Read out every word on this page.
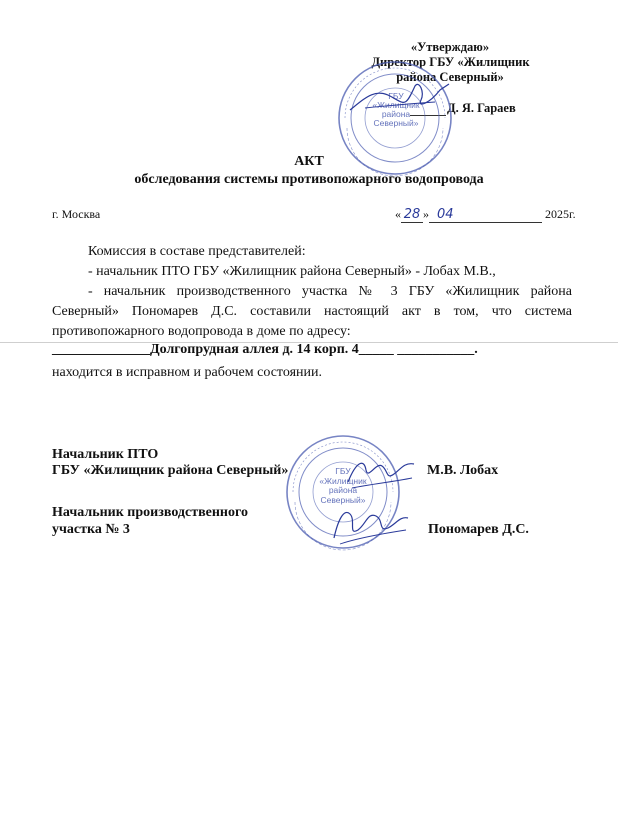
«Утверждаю»
Директор ГБУ «Жилищник
района Северный»
Д. Я. Гараев
ГБУ
«Жилищник
района
Северный»
АКТ
обследования системы противопожарного водопровода
г. Москва	« 28 » 04	2025г.
Комиссия в составе представителей:
- начальник ПТО ГБУ «Жилищник района Северный» - Лобах М.В.,
- начальник производственного участка № 3 ГБУ «Жилищник района
Северный» Пономарев Д.С. составили настоящий акт в том, что система
противопожарного водопровода в доме по адресу:
______________Долгопрудная аллея д. 14 корп. 4_____ ___________.
находится в исправном и рабочем состоянии.
ГБУ
«Жилищник
района
Северный»
Начальник ПТО
ГБУ «Жилищник района Северный»	М.В. Лобах
Начальник производственного
участка № 3	Пономарев Д.С.
